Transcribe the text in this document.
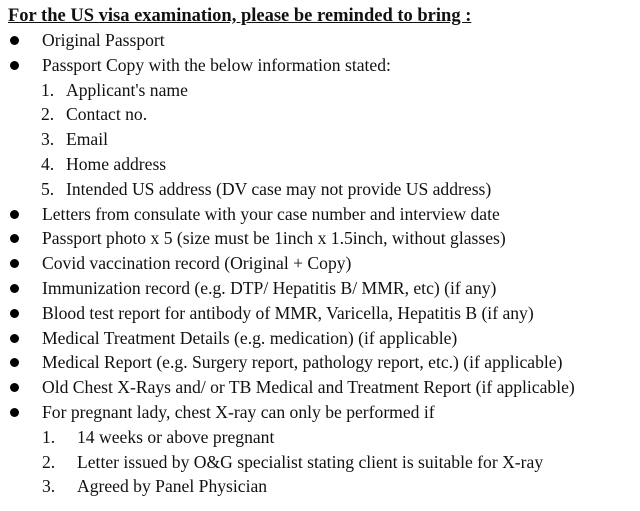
For the US visa examination, please be reminded to bring :
Original Passport
Passport Copy with the below information stated:
1. Applicant's name
2. Contact no.
3. Email
4. Home address
5. Intended US address (DV case may not provide US address)
Letters from consulate with your case number and interview date
Passport photo x 5 (size must be 1inch x 1.5inch, without glasses)
Covid vaccination record (Original + Copy)
Immunization record (e.g. DTP/ Hepatitis B/ MMR, etc) (if any)
Blood test report for antibody of MMR, Varicella, Hepatitis B (if any)
Medical Treatment Details (e.g. medication) (if applicable)
Medical Report (e.g. Surgery report, pathology report, etc.) (if applicable)
Old Chest X-Rays and/ or TB Medical and Treatment Report (if applicable)
For pregnant lady, chest X-ray can only be performed if
1. 14 weeks or above pregnant
2. Letter issued by O&G specialist stating client is suitable for X-ray
3. Agreed by Panel Physician
